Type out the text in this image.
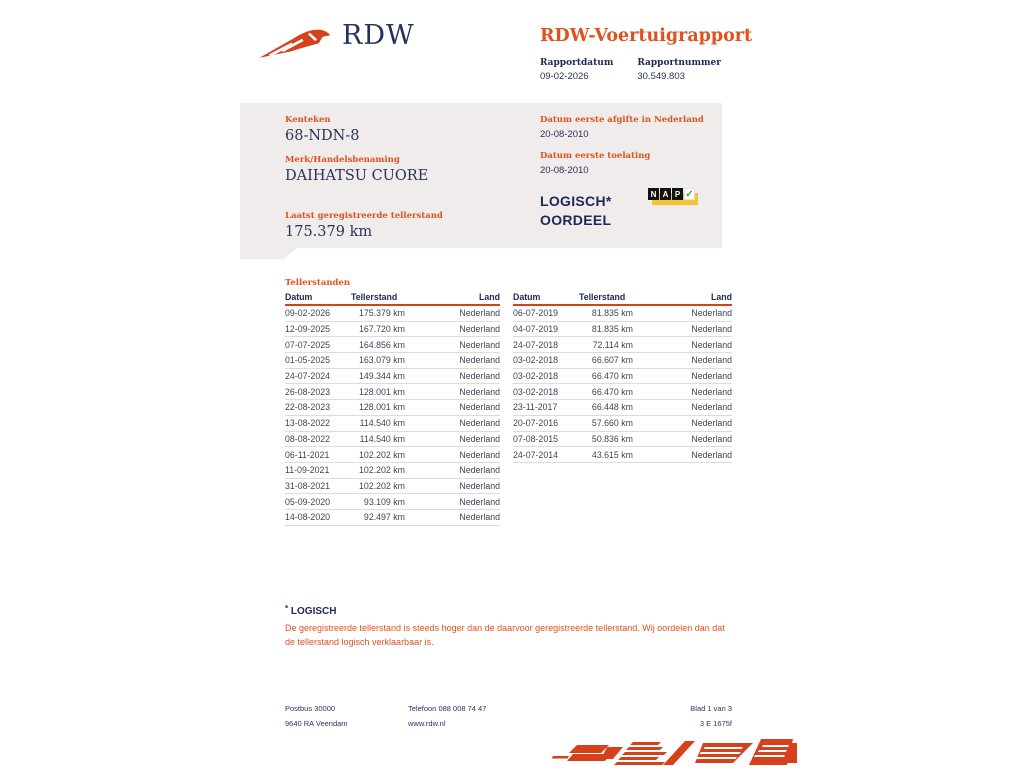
RDW	RDW-Voertuigrapport
Rapportdatum
09-02-2026
Rapportnummer
30.549.803
Kenteken
68-NDN-8
Merk/Handelsbenaming
DAIHATSU CUORE
Laatst geregistreerde tellerstand
175.379 km
Datum eerste afgifte in Nederland
20-08-2010
Datum eerste toelating
20-08-2010
LOGISCH*
OORDEEL
N A P ✓
Tellerstanden
Datum	Tellerstand	Land
09-02-2026	175.379 km	Nederland
12-09-2025	167.720 km	Nederland
07-07-2025	164.856 km	Nederland
01-05-2025	163.079 km	Nederland
24-07-2024	149.344 km	Nederland
26-08-2023	128.001 km	Nederland
22-08-2023	128.001 km	Nederland
13-08-2022	114.540 km	Nederland
08-08-2022	114.540 km	Nederland
06-11-2021	102.202 km	Nederland
11-09-2021	102.202 km	Nederland
31-08-2021	102.202 km	Nederland
05-09-2020	93.109 km	Nederland
14-08-2020	92.497 km	Nederland
Datum	Tellerstand	Land
06-07-2019	81.835 km	Nederland
04-07-2019	81.835 km	Nederland
24-07-2018	72.114 km	Nederland
03-02-2018	66.607 km	Nederland
03-02-2018	66.470 km	Nederland
03-02-2018	66.470 km	Nederland
23-11-2017	66.448 km	Nederland
20-07-2016	57.660 km	Nederland
07-08-2015	50.836 km	Nederland
24-07-2014	43.615 km	Nederland
* LOGISCH
De geregistreerde tellerstand is steeds hoger dan de daarvoor geregistreerde tellerstand. Wij oordelen dan dat de tellerstand logisch verklaarbaar is.
Postbus 30000
9640 RA Veendam
Telefoon 088 008 74 47
www.rdw.nl
Blad 1 van 3
3 E 1675f
